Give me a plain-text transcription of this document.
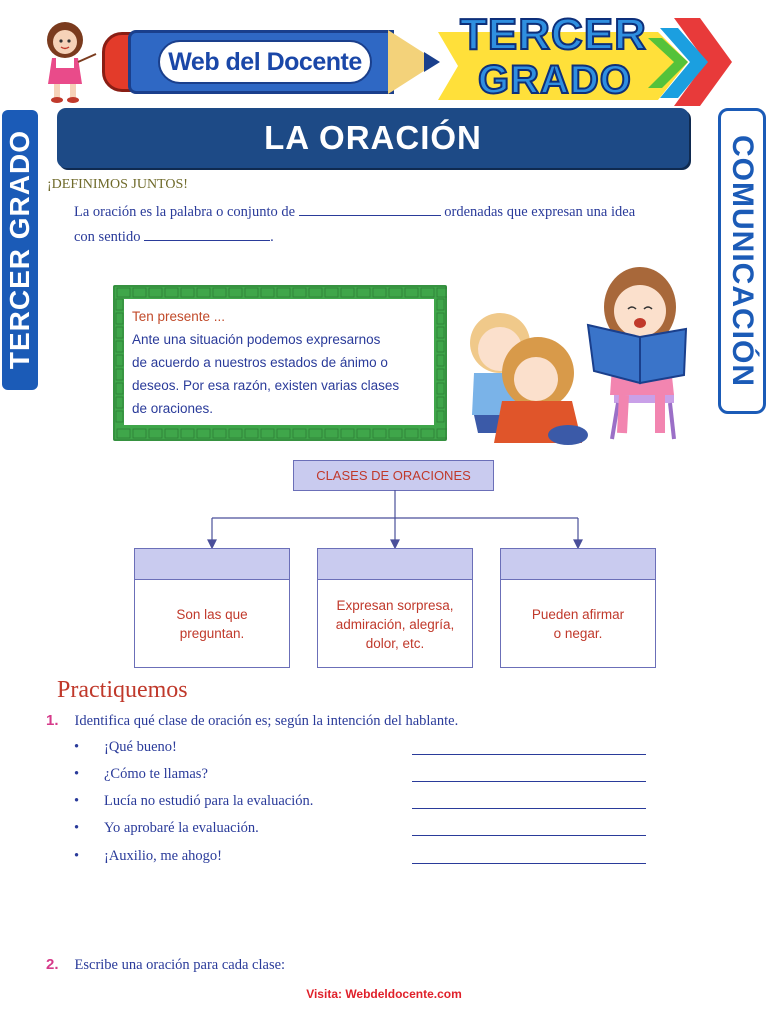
Web del Docente
TERCER
GRADO
LA ORACIÓN
TERCER GRADO	COMUNICACIÓN
¡DEFINIMOS JUNTOS!
La oración es la palabra o conjunto de	ordenadas que expresan una idea
con sentido	.
Ten presente ...
Ante una situación podemos expresarnos
de acuerdo a nuestros estados de ánimo o
deseos. Por esa razón, existen varias clases
de oraciones.
CLASES DE ORACIONES
Son las que
preguntan.
Expresan sorpresa,
admiración, alegría,
dolor, etc.
Pueden afirmar
o negar.
Practiquemos
1. Identifica qué clase de oración es; según la intención del hablante.
• ¡Qué bueno!
• ¿Cómo te llamas?
• Lucía no estudió para la evaluación.
• Yo aprobaré la evaluación.
• ¡Auxilio, me ahogo!
2. Escribe una oración para cada clase:
Visita: Webdeldocente.com
